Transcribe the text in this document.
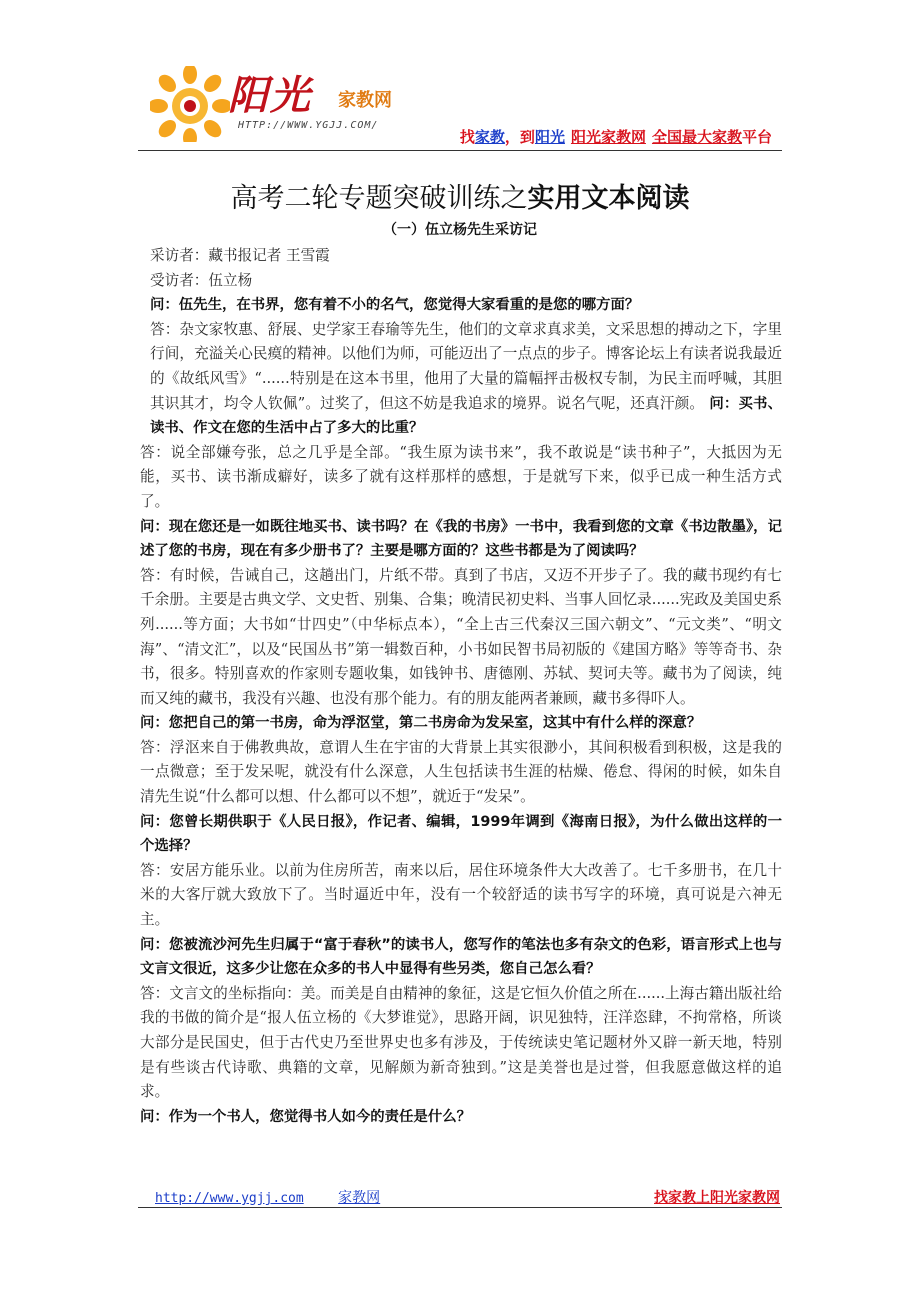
阳光 家教网
HTTP://WWW.YGJJ.COM/
找家教，到阳光 阳光家教网 全国最大家教平台
高考二轮专题突破训练之实用文本阅读
（一）伍立杨先生采访记

采访者：藏书报记者 王雪霞

受访者：伍立杨

问：伍先生，在书界，您有着不小的名气，您觉得大家看重的是您的哪方面？

答：杂文家牧惠、舒展、史学家王春瑜等先生，他们的文章求真求美，文采思想的搏动之下，字里行间，充溢关心民瘼的精神。以他们为师，可能迈出了一点点的步子。博客论坛上有读者说我最近的《故纸风雪》“......特别是在这本书里，他用了大量的篇幅抨击极权专制，为民主而呼喊，其胆其识其才，均令人钦佩”。过奖了，但这不妨是我追求的境界。说名气呢，还真汗颜。 问：买书、读书、作文在您的生活中占了多大的比重？

答：说全部嫌夸张，总之几乎是全部。“我生原为读书来”，我不敢说是“读书种子”，大抵因为无能，买书、读书渐成癖好，读多了就有这样那样的感想，于是就写下来，似乎已成一种生活方式了。

问：现在您还是一如既往地买书、读书吗？在《我的书房》一书中，我看到您的文章《书边散墨》，记述了您的书房，现在有多少册书了？主要是哪方面的？这些书都是为了阅读吗？

答：有时候，告诫自己，这趟出门，片纸不带。真到了书店，又迈不开步子了。我的藏书现约有七千余册。主要是古典文学、文史哲、别集、合集；晚清民初史料、当事人回忆录......宪政及美国史系列......等方面；大书如“廿四史”（中华标点本），“全上古三代秦汉三国六朝文”、“元文类”、“明文海”、“清文汇”，以及“民国丛书”第一辑数百种，小书如民智书局初版的《建国方略》等等奇书、杂书，很多。特别喜欢的作家则专题收集，如钱钟书、唐德刚、苏轼、契诃夫等。藏书为了阅读，纯而又纯的藏书，我没有兴趣、也没有那个能力。有的朋友能两者兼顾，藏书多得吓人。

问：您把自己的第一书房，命为浮沤堂，第二书房命为发呆室，这其中有什么样的深意？

答：浮沤来自于佛教典故，意谓人生在宇宙的大背景上其实很渺小，其间积极看到积极，这是我的一点微意；至于发呆呢，就没有什么深意，人生包括读书生涯的枯燥、倦怠、得闲的时候，如朱自清先生说“什么都可以想、什么都可以不想”，就近于“发呆”。

问：您曾长期供职于《人民日报》，作记者、编辑，1999年调到《海南日报》，为什么做出这样的一个选择？

答：安居方能乐业。以前为住房所苦，南来以后，居住环境条件大大改善了。七千多册书，在几十米的大客厅就大致放下了。当时逼近中年，没有一个较舒适的读书写字的环境，真可说是六神无主。

问：您被流沙河先生归属于“富于春秋”的读书人，您写作的笔法也多有杂文的色彩，语言形式上也与文言文很近，这多少让您在众多的书人中显得有些另类，您自己怎么看？

答：文言文的坐标指向：美。而美是自由精神的象征，这是它恒久价值之所在......上海古籍出版社给我的书做的简介是“报人伍立杨的《大梦谁觉》，思路开阔，识见独特，汪洋恣肆，不拘常格，所谈大部分是民国史，但于古代史乃至世界史也多有涉及，于传统读史笔记题材外又辟一新天地，特别是有些谈古代诗歌、典籍的文章，见解颇为新奇独到。”这是美誉也是过誉，但我愿意做这样的追求。

问：作为一个书人，您觉得书人如今的责任是什么？

http://www.ygjj.com 家教网	找家教上阳光家教网
